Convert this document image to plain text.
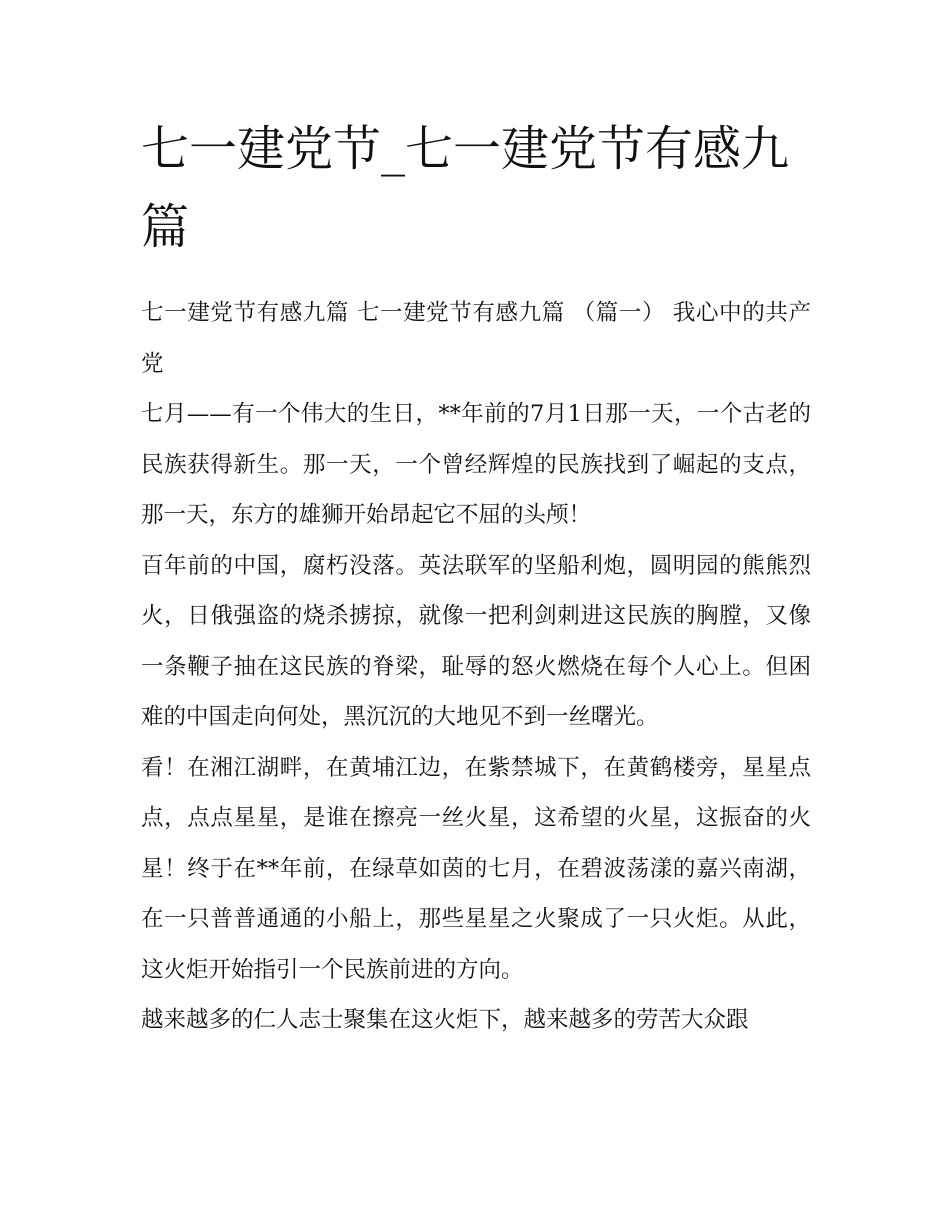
七一建党节_七一建党节有感九篇

七一建党节有感九篇 七一建党节有感九篇 （篇一） 我心中的共产党

七月——有一个伟大的生日，**年前的7月1日那一天，一个古老的民族获得新生。那一天，一个曾经辉煌的民族找到了崛起的支点，那一天，东方的雄狮开始昂起它不屈的头颅！

百年前的中国，腐朽没落。英法联军的坚船利炮，圆明园的熊熊烈火，日俄强盗的烧杀掳掠，就像一把利剑刺进这民族的胸膛，又像一条鞭子抽在这民族的脊梁，耻辱的怒火燃烧在每个人心上。但困难的中国走向何处，黑沉沉的大地见不到一丝曙光。

看！在湘江湖畔，在黄埔江边，在紫禁城下，在黄鹤楼旁，星星点点，点点星星，是谁在擦亮一丝火星，这希望的火星，这振奋的火星！终于在**年前，在绿草如茵的七月，在碧波荡漾的嘉兴南湖，在一只普普通通的小船上，那些星星之火聚成了一只火炬。从此，这火炬开始指引一个民族前进的方向。

越来越多的仁人志士聚集在这火炬下，越来越多的劳苦大众跟
